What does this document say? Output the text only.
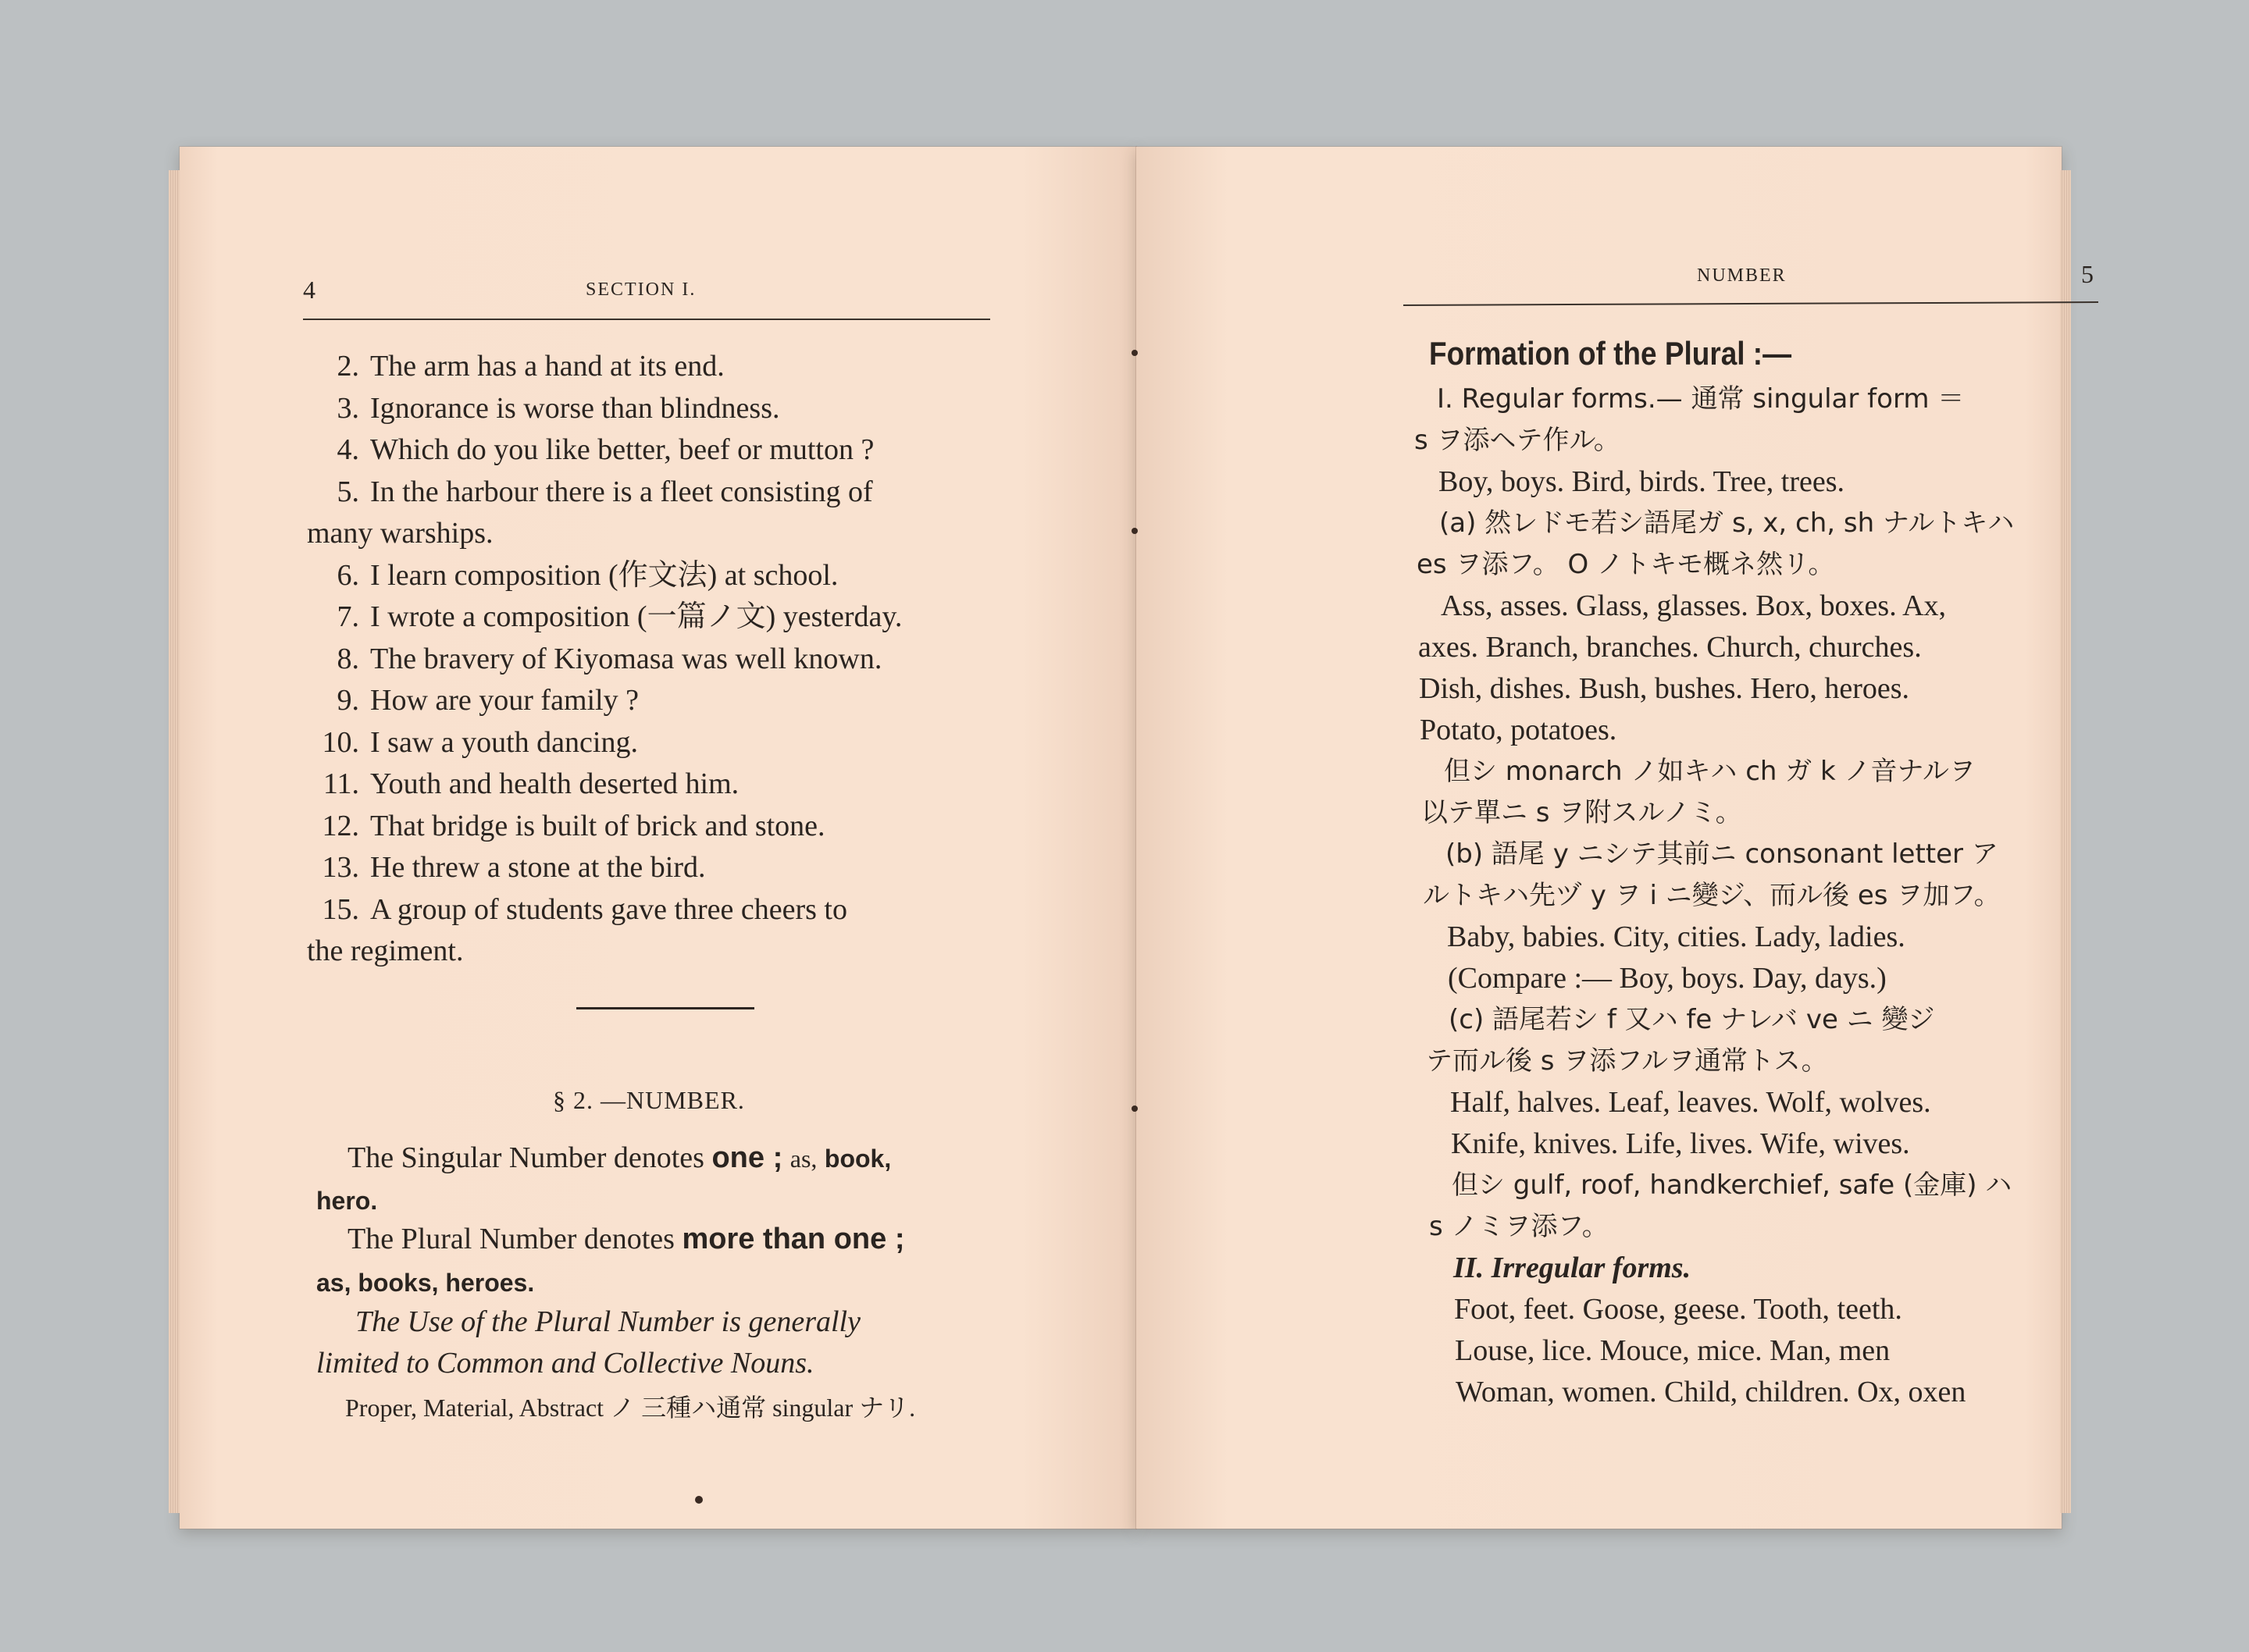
4	SECTION I.
2. The arm has a hand at its end.
3. Ignorance is worse than blindness.
4. Which do you like better, beef or mutton ?
5. In the harbour there is a fleet consisting of
many warships.
6. I learn composition (作文法) at school.
7. I wrote a composition (一篇ノ文) yesterday.
8. The bravery of Kiyomasa was well known.
9. How are your family ?
10. I saw a youth dancing.
11. Youth and health deserted him.
12. That bridge is built of brick and stone.
13. He threw a stone at the bird.
15. A group of students gave three cheers to
the regiment.
§ 2. —NUMBER.
The Singular Number denotes one ; as, book,
hero.
The Plural Number denotes more than one ;
as, books, heroes.
The Use of the Plural Number is generally
limited to Common and Collective Nouns.
Proper, Material, Abstract ノ 三種ハ通常 singular ナリ.
NUMBER	5
Formation of the Plural :—
I. Regular forms.— 通常 singular form ＝
s ヲ添ヘテ作ル。
Boy, boys. Bird, birds. Tree, trees.
(a) 然レドモ若シ語尾ガ s, x, ch, sh ナルトキハ
es ヲ添フ。 O ノトキモ概ネ然リ。
Ass, asses. Glass, glasses. Box, boxes. Ax,
axes. Branch, branches. Church, churches.
Dish, dishes. Bush, bushes. Hero, heroes.
Potato, potatoes.
但シ monarch ノ如キハ ch ガ k ノ音ナルヲ
以テ單ニ s ヲ附スルノミ。
(b) 語尾 y ニシテ其前ニ consonant letter ア
ルトキハ先ヅ y ヲ i ニ變ジ、而ル後 es ヲ加フ。
Baby, babies. City, cities. Lady, ladies.
(Compare :— Boy, boys. Day, days.)
(c) 語尾若シ f 又ハ fe ナレバ ve ニ 變ジ
テ而ル後 s ヲ添フルヲ通常トス。
Half, halves. Leaf, leaves. Wolf, wolves.
Knife, knives. Life, lives. Wife, wives.
但シ gulf, roof, handkerchief, safe (金庫) ハ
s ノミヲ添フ。
II. Irregular forms.
Foot, feet. Goose, geese. Tooth, teeth.
Louse, lice. Mouce, mice. Man, men
Woman, women. Child, children. Ox, oxen
